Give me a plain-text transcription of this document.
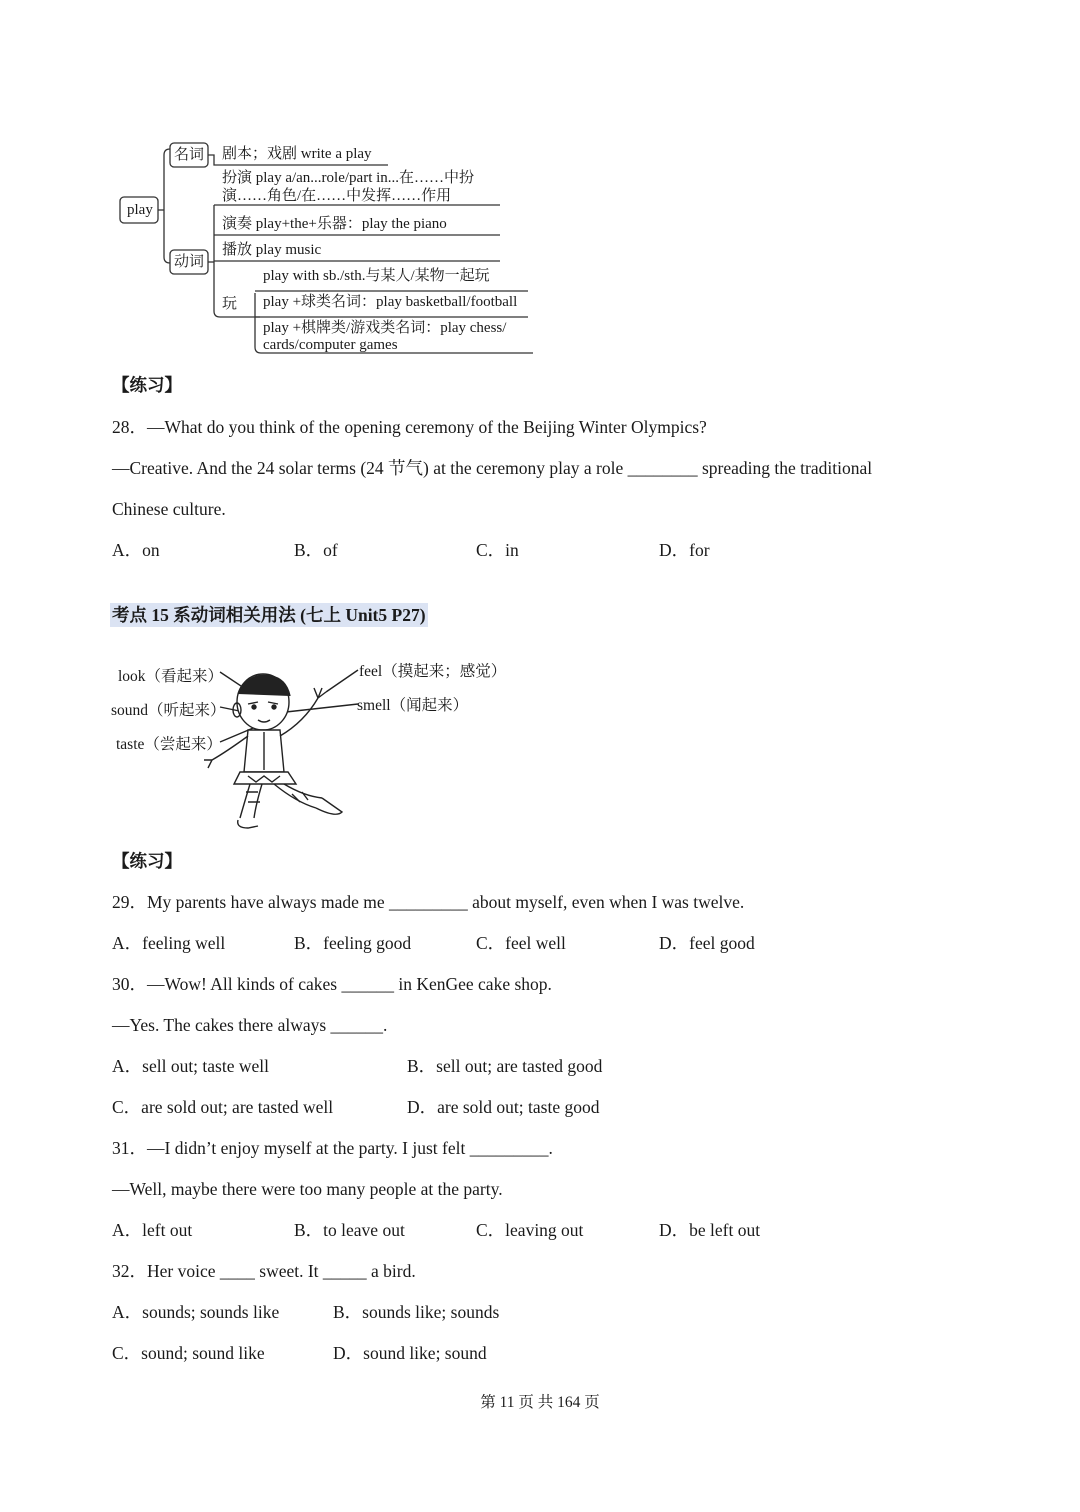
play
名词
动词
剧本；戏剧 write a play
扮演 play a/an...role/part in...在……中扮
演……角色/在……中发挥……作用
演奏 play+the+乐器：play the piano
播放 play music
play with sb./sth.与某人/某物一起玩
玩 play +球类名词：play basketball/football
play +棋牌类/游戏类名词：play chess/
cards/computer games
【练习】
28．—What do you think of the opening ceremony of the Beijing Winter Olympics?
—Creative. And the 24 solar terms (24 节气) at the ceremony play a role ________ spreading the traditional
Chinese culture.
A．on	B．of	C．in	D．for
考点 15 系动词相关用法 (七上 Unit5 P27)
look（看起来）
sound（听起来）
taste（尝起来）
feel（摸起来；感觉）
smell（闻起来）
【练习】
29．My parents have always made me _________ about myself, even when I was twelve.
A．feeling well	B．feeling good	C．feel well	D．feel good
30．—Wow! All kinds of cakes ______ in KenGee cake shop.
—Yes. The cakes there always ______.
A．sell out; taste well	B．sell out; are tasted good
C．are sold out; are tasted well	D．are sold out; taste good
31．—I didn’t enjoy myself at the party. I just felt _________.
—Well, maybe there were too many people at the party.
A．left out	B．to leave out	C．leaving out	D．be left out
32．Her voice ____ sweet. It _____ a bird.
A．sounds; sounds like	B．sounds like; sounds
C．sound; sound like	D．sound like; sound
第 11 页 共 164 页
